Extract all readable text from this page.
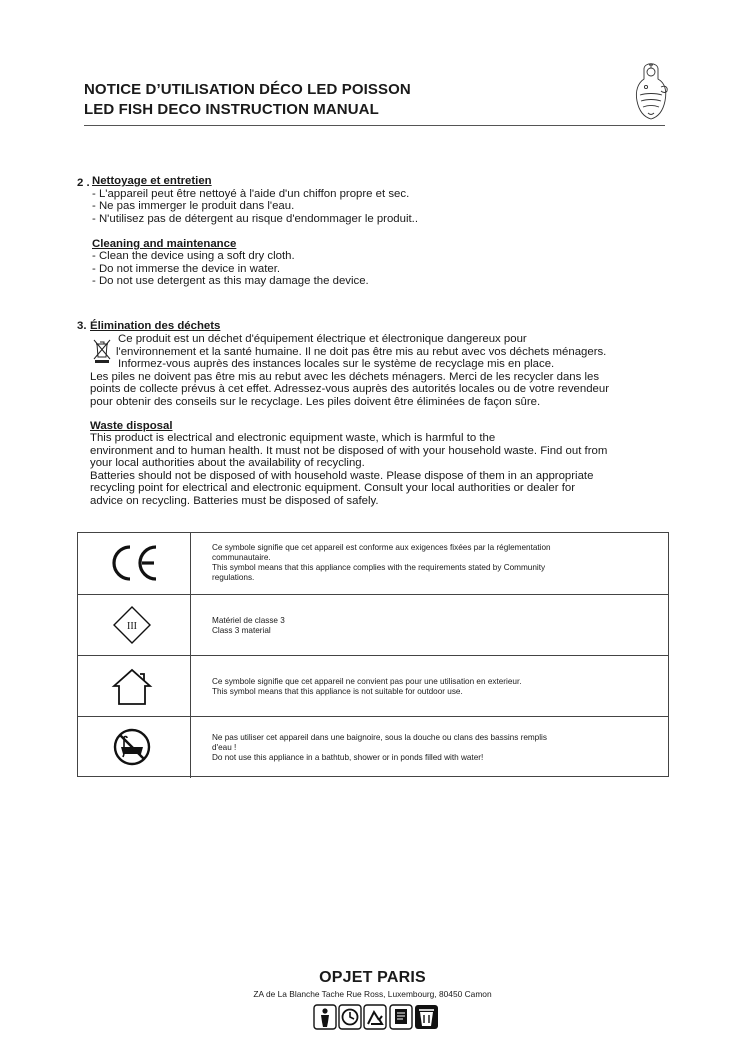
NOTICE D’UTILISATION DÉCO LED POISSON
LED FISH DECO INSTRUCTION MANUAL
2 . Nettoyage et entretien
- L'appareil peut être nettoyé à l'aide d'un chiffon propre et sec.
- Ne pas immerger le produit dans l'eau.
- N'utilisez pas de détergent au risque d'endommager le produit..
Cleaning and maintenance
- Clean the device using a soft dry cloth.
- Do not immerse the device in water.
- Do not use detergent as this may damage the device.
3. Élimination des déchets
Ce produit est un déchet d'équipement électrique et électronique dangereux pour
l'environnement et la santé humaine. Il ne doit pas être mis au rebut avec vos déchets ménagers.
Informez-vous auprès des instances locales sur le système de recyclage mis en place.
Les piles ne doivent pas être mis au rebut avec les déchets ménagers. Merci de les recycler dans les
points de collecte prévus à cet effet. Adressez-vous auprès des autorités locales ou de votre revendeur
pour obtenir des conseils sur le recyclage. Les piles doivent être éliminées de façon sûre.
Waste disposal
This product is electrical and electronic equipment waste, which is harmful to the
environment and to human health. It must not be disposed of with your household waste. Find out from
your local authorities about the availability of recycling.
Batteries should not be disposed of with household waste. Please dispose of them in an appropriate
recycling point for electrical and electronic equipment. Consult your local authorities or dealer for
advice on recycling. Batteries must be disposed of safely.
Ce symbole signifie que cet appareil est conforme aux exigences fixées par la réglementation
communautaire.
This symbol means that this appliance complies with the requirements stated by Community
regulations.
III
Matériel de classe 3
Class 3 material
Ce symbole signifie que cet appareil ne convient pas pour une utilisation en exterieur.
This symbol means that this appliance is not suitable for outdoor use.
Ne pas utiliser cet appareil dans une baignoire, sous la douche ou clans des bassins remplis
d'eau !
Do not use this appliance in a bathtub, shower or in ponds filled with water!
OPJET PARIS
ZA de La Blanche Tache Rue Ross, Luxembourg, 80450 Camon
